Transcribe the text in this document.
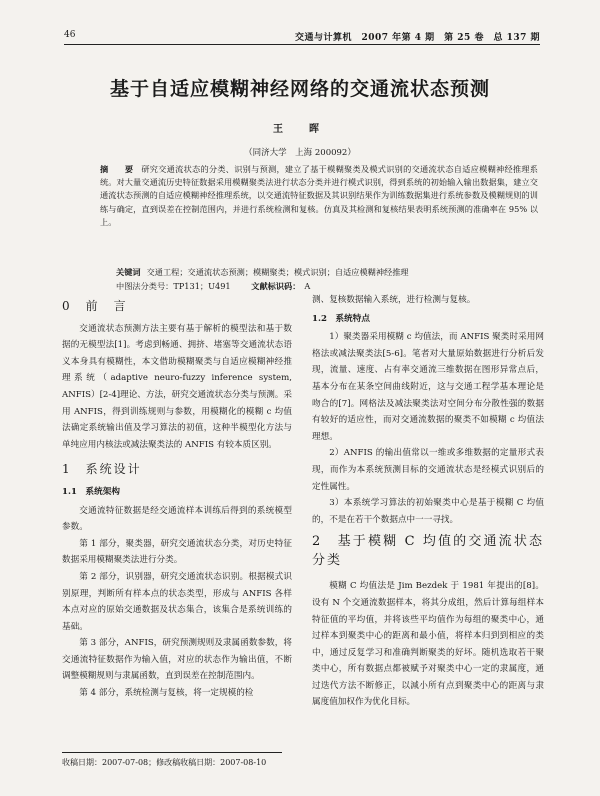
46	交通与计算机　2007 年第 4 期　第 25 卷　总 137 期
基于自适应模糊神经网络的交通流状态预测
王　晖
（同济大学　上海 200092）
摘　要 研究交通流状态的分类、识别与预测，建立了基于模糊聚类及模式识别的交通流状态自适应模糊神经推理系统。对大量交通流历史特征数据采用模糊聚类法进行状态分类并进行模式识别，得到系统的初始输入输出数据集，建立交通流状态预测的自适应模糊神经推理系统，以交通流特征数据及其识别结果作为训练数据集进行系统参数及模糊规则的训练与确定，直到误差在控制范围内，并进行系统检测和复核。仿真及其检测和复核结果表明系统预测的准确率在 95% 以上。
关键词 交通工程；交通流状态预测；模糊聚类；模式识别；自适应模糊神经推理
中图法分类号：TP131；U491	文献标识码： A
0　前　言

交通流状态预测方法主要有基于解析的模型法和基于数据的无模型法[1]。考虑到畅通、拥挤、堵塞等交通流状态语义本身具有模糊性，本文借助模糊聚类与自适应模糊神经推理系统（adaptive neuro-fuzzy inference system, ANFIS）[2-4]理论、方法，研究交通流状态分类与预测。采用 ANFIS，得到训练规则与参数，用模糊化的模糊 c 均值法确定系统输出值及学习算法的初值，这种半模型化方法与单纯应用内核法或减法聚类法的 ANFIS 有较本质区别。

1　系统设计
1.1　系统架构

交通流特征数据是经交通流样本训练后得到的系统模型参数。

第 1 部分，聚类器，研究交通流状态分类，对历史特征数据采用模糊聚类法进行分类。

第 2 部分，识别器，研究交通流状态识别。根据模式识别原理，判断所有样本点的状态类型，形成与 ANFIS 各样本点对应的原始交通数据及状态集合，该集合是系统训练的基础。

第 3 部分，ANFIS，研究预测规则及隶属函数参数，将交通流特征数据作为输入值，对应的状态作为输出值，不断调整模糊规则与隶属函数，直到误差在控制范围内。

第 4 部分，系统检测与复核，将一定规模的检

测、复核数据输入系统，进行检测与复核。

1.2　系统特点

1）聚类器采用模糊 c 均值法，而 ANFIS 聚类时采用网格法或减法聚类法[5-6]。笔者对大量原始数据进行分析后发现，流量、速度、占有率交通流三维数据在图形异常点后，基本分布在某条空间曲线附近，这与交通工程学基本理论是吻合的[7]。网格法及减法聚类法对空间分布分散性强的数据有较好的适应性，而对交通流数据的聚类不如模糊 c 均值法理想。

2）ANFIS 的输出值常以一维或多维数据的定量形式表现，而作为本系统预测目标的交通流状态是经模式识别后的定性属性。

3）本系统学习算法的初始聚类中心是基于模糊 C 均值的，不是在若干个数据点中一一寻找。

2　基于模糊 C 均值的交通流状态分类

模糊 C 均值法是 Jim Bezdek 于 1981 年提出的[8]。设有 N 个交通流数据样本，将其分成组，然后计算每组样本特征值的平均值，并将该些平均值作为每组的聚类中心，通过样本到聚类中心的距离和最小值，将样本归到到相应的类中，通过反复学习和准确判断聚类的好坏。随机选取若干聚类中心，所有数据点都被赋予对聚类中心一定的隶属度，通过迭代方法不断修正，以減小所有点到聚类中心的距离与隶属度值加权作为优化目标。

收稿日期：2007-07-08；修改稿收稿日期：2007-08-10
